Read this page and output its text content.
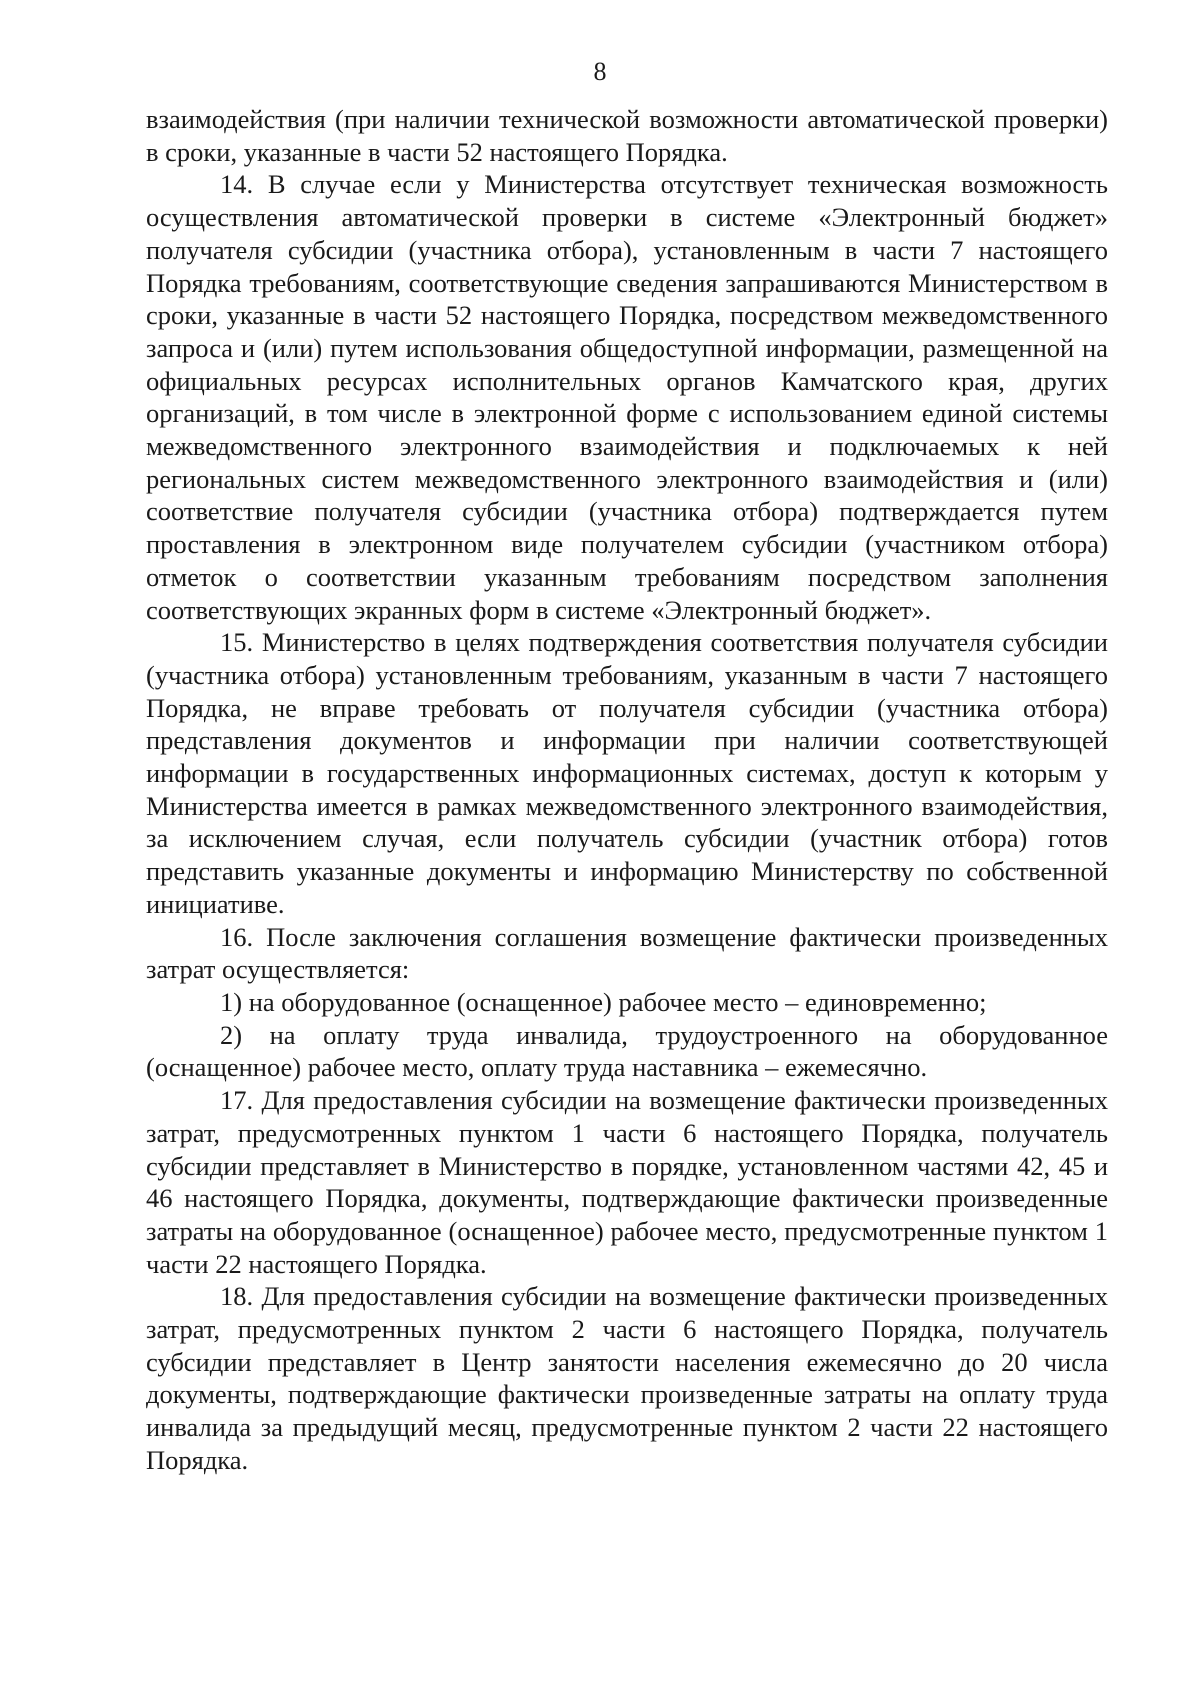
8

взаимодействия (при наличии технической возможности автоматической проверки) в сроки, указанные в части 52 настоящего Порядка.

14. В случае если у Министерства отсутствует техническая возможность осуществления автоматической проверки в системе «Электронный бюджет» получателя субсидии (участника отбора), установленным в части 7 настоящего Порядка требованиям, соответствующие сведения запрашиваются Министерством в сроки, указанные в части 52 настоящего Порядка, посредством межведомственного запроса и (или) путем использования общедоступной информации, размещенной на официальных ресурсах исполнительных органов Камчатского края, других организаций, в том числе в электронной форме с использованием единой системы межведомственного электронного взаимодействия и подключаемых к ней региональных систем межведомственного электронного взаимодействия и (или) соответствие получателя субсидии (участника отбора) подтверждается путем проставления в электронном виде получателем субсидии (участником отбора) отметок о соответствии указанным требованиям посредством заполнения соответствующих экранных форм в системе «Электронный бюджет».

15. Министерство в целях подтверждения соответствия получателя субсидии (участника отбора) установленным требованиям, указанным в части 7 настоящего Порядка, не вправе требовать от получателя субсидии (участника отбора) представления документов и информации при наличии соответствующей информации в государственных информационных системах, доступ к которым у Министерства имеется в рамках межведомственного электронного взаимодействия, за исключением случая, если получатель субсидии (участник отбора) готов представить указанные документы и информацию Министерству по собственной инициативе.

16. После заключения соглашения возмещение фактически произведенных затрат осуществляется:

1) на оборудованное (оснащенное) рабочее место – единовременно;

2) на оплату труда инвалида, трудоустроенного на оборудованное (оснащенное) рабочее место, оплату труда наставника – ежемесячно.

17. Для предоставления субсидии на возмещение фактически произведенных затрат, предусмотренных пунктом 1 части 6 настоящего Порядка, получатель субсидии представляет в Министерство в порядке, установленном частями 42, 45 и 46 настоящего Порядка, документы, подтверждающие фактически произведенные затраты на оборудованное (оснащенное) рабочее место, предусмотренные пунктом 1 части 22 настоящего Порядка.

18. Для предоставления субсидии на возмещение фактически произведенных затрат, предусмотренных пунктом 2 части 6 настоящего Порядка, получатель субсидии представляет в Центр занятости населения ежемесячно до 20 числа документы, подтверждающие фактически произведенные затраты на оплату труда инвалида за предыдущий месяц, предусмотренные пунктом 2 части 22 настоящего Порядка.
